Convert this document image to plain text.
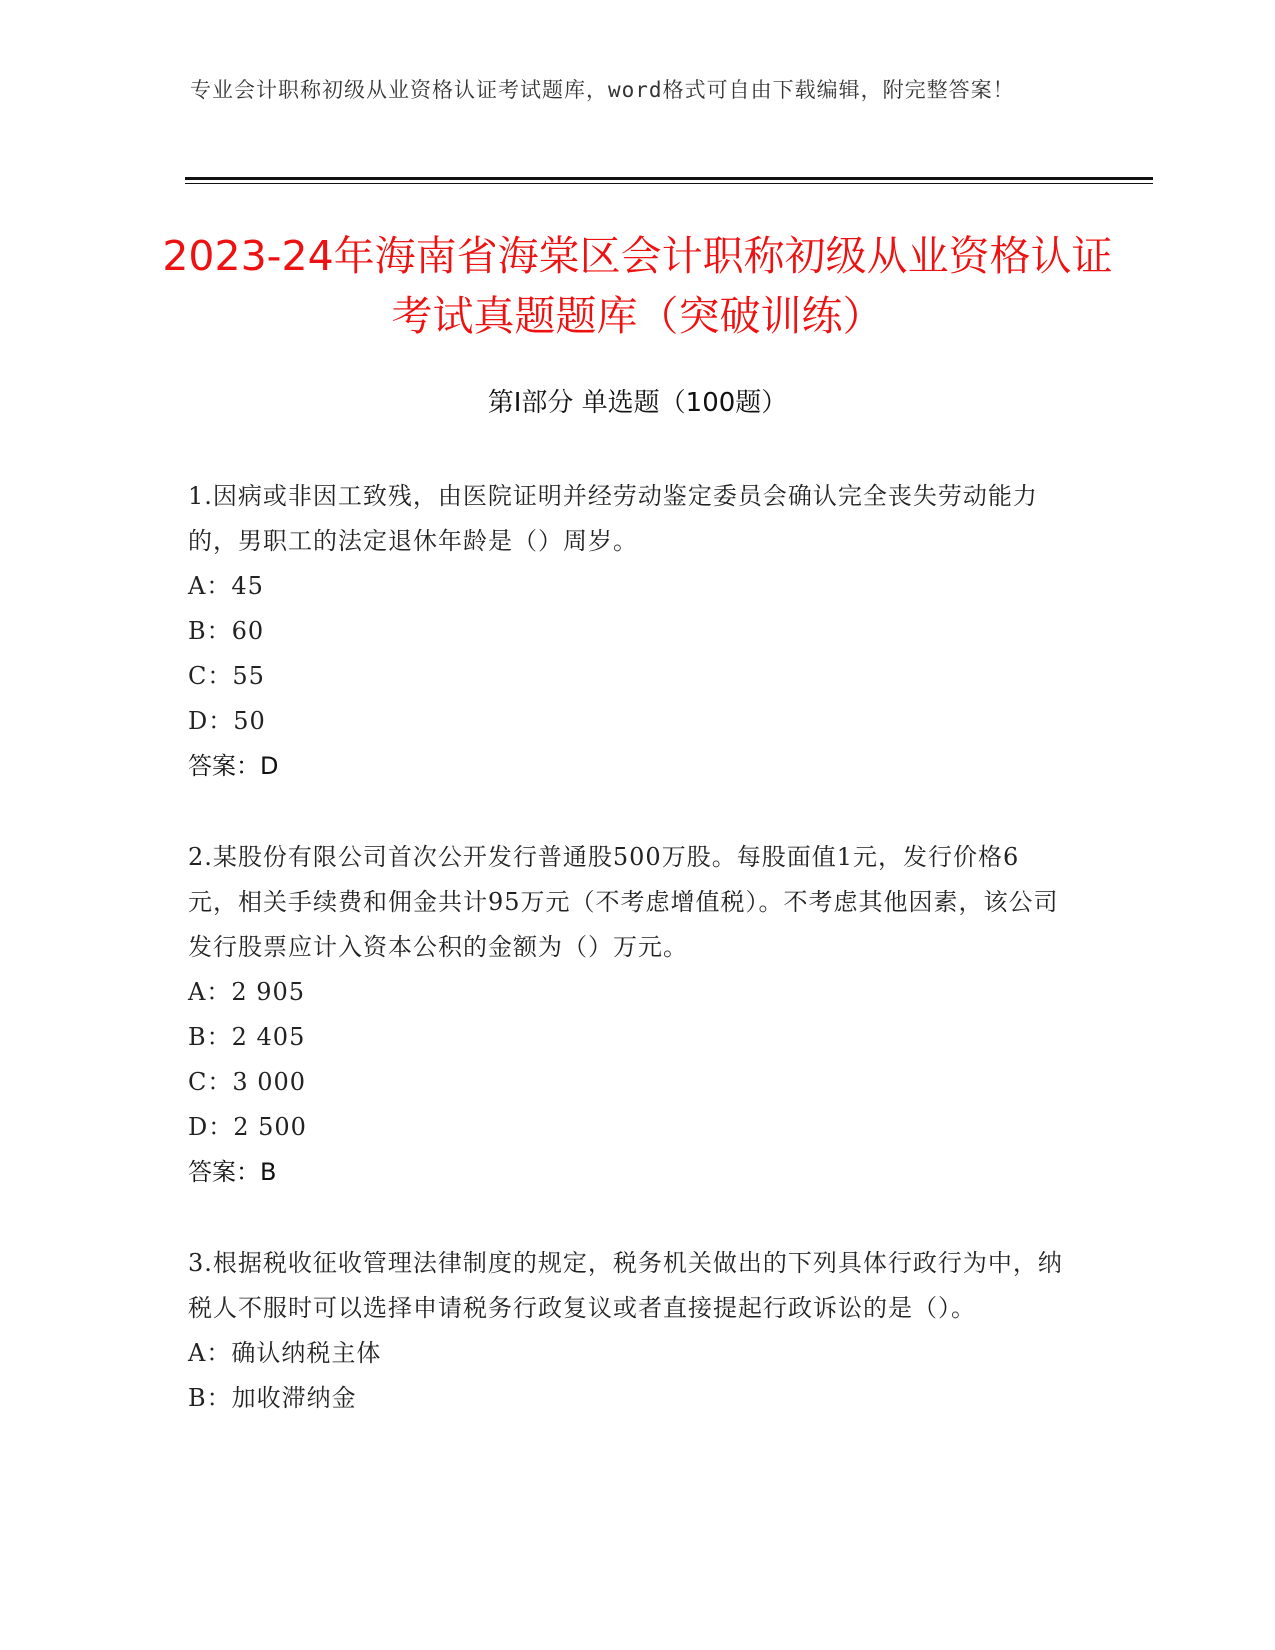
专业会计职称初级从业资格认证考试题库，word格式可自由下载编辑，附完整答案！
2023-24年海南省海棠区会计职称初级从业资格认证考试真题题库（突破训练）
第I部分 单选题（100题）
1.因病或非因工致残，由医院证明并经劳动鉴定委员会确认完全丧失劳动能力的，男职工的法定退休年龄是（）周岁。
A：45
B：60
C：55
D：50
答案：D
2.某股份有限公司首次公开发行普通股500万股。每股面值1元，发行价格6元，相关手续费和佣金共计95万元（不考虑增值税）。不考虑其他因素，该公司发行股票应计入资本公积的金额为（）万元。
A：2 905
B：2 405
C：3 000
D：2 500
答案：B
3.根据税收征收管理法律制度的规定，税务机关做出的下列具体行政行为中，纳税人不服时可以选择申请税务行政复议或者直接提起行政诉讼的是（）。
A：确认纳税主体
B：加收滞纳金
